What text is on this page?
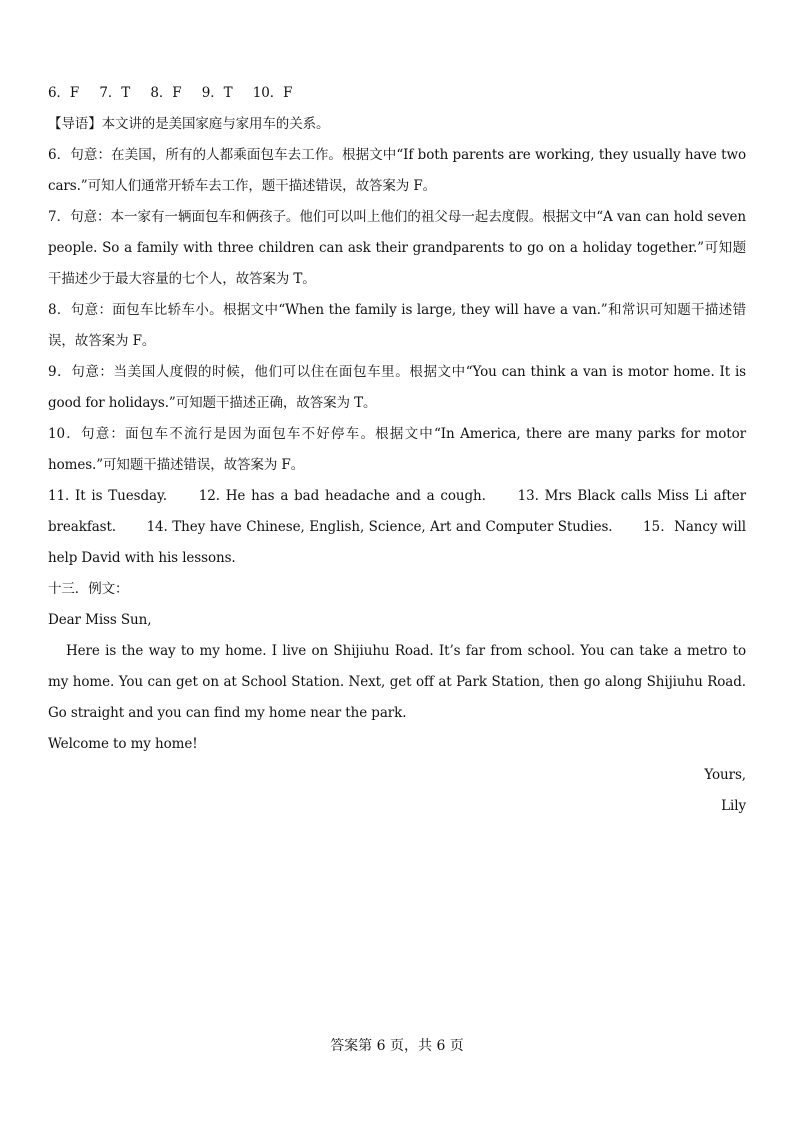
6．F 7．T 8．F 9．T 10．F

【导语】本文讲的是美国家庭与家用车的关系。

6．句意：在美国，所有的人都乘面包车去工作。根据文中“If both parents are working, they usually have two cars.”可知人们通常开轿车去工作，题干描述错误，故答案为 F。

7．句意：本一家有一辆面包车和俩孩子。他们可以叫上他们的祖父母一起去度假。根据文中“A van can hold seven people. So a family with three children can ask their grandparents to go on a holiday together.”可知题干描述少于最大容量的七个人，故答案为 T。

8．句意：面包车比轿车小。根据文中“When the family is large, they will have a van.”和常识可知题干描述错误，故答案为 F。

9．句意：当美国人度假的时候，他们可以住在面包车里。根据文中“You can think a van is motor home. It is good for holidays.”可知题干描述正确，故答案为 T。

10．句意：面包车不流行是因为面包车不好停车。根据文中“In America, there are many parks for motor homes.”可知题干描述错误，故答案为 F。

11. It is Tuesday. 12. He has a bad headache and a cough. 13. Mrs Black calls Miss Li after breakfast. 14. They have Chinese, English, Science, Art and Computer Studies. 15．Nancy will help David with his lessons.

十三．例文：

Dear Miss Sun,

Here is the way to my home. I live on Shijiuhu Road. It’s far from school. You can take a metro to my home. You can get on at School Station. Next, get off at Park Station, then go along Shijiuhu Road. Go straight and you can find my home near the park.

Welcome to my home!

Yours,

Lily

答案第 6 页，共 6 页
